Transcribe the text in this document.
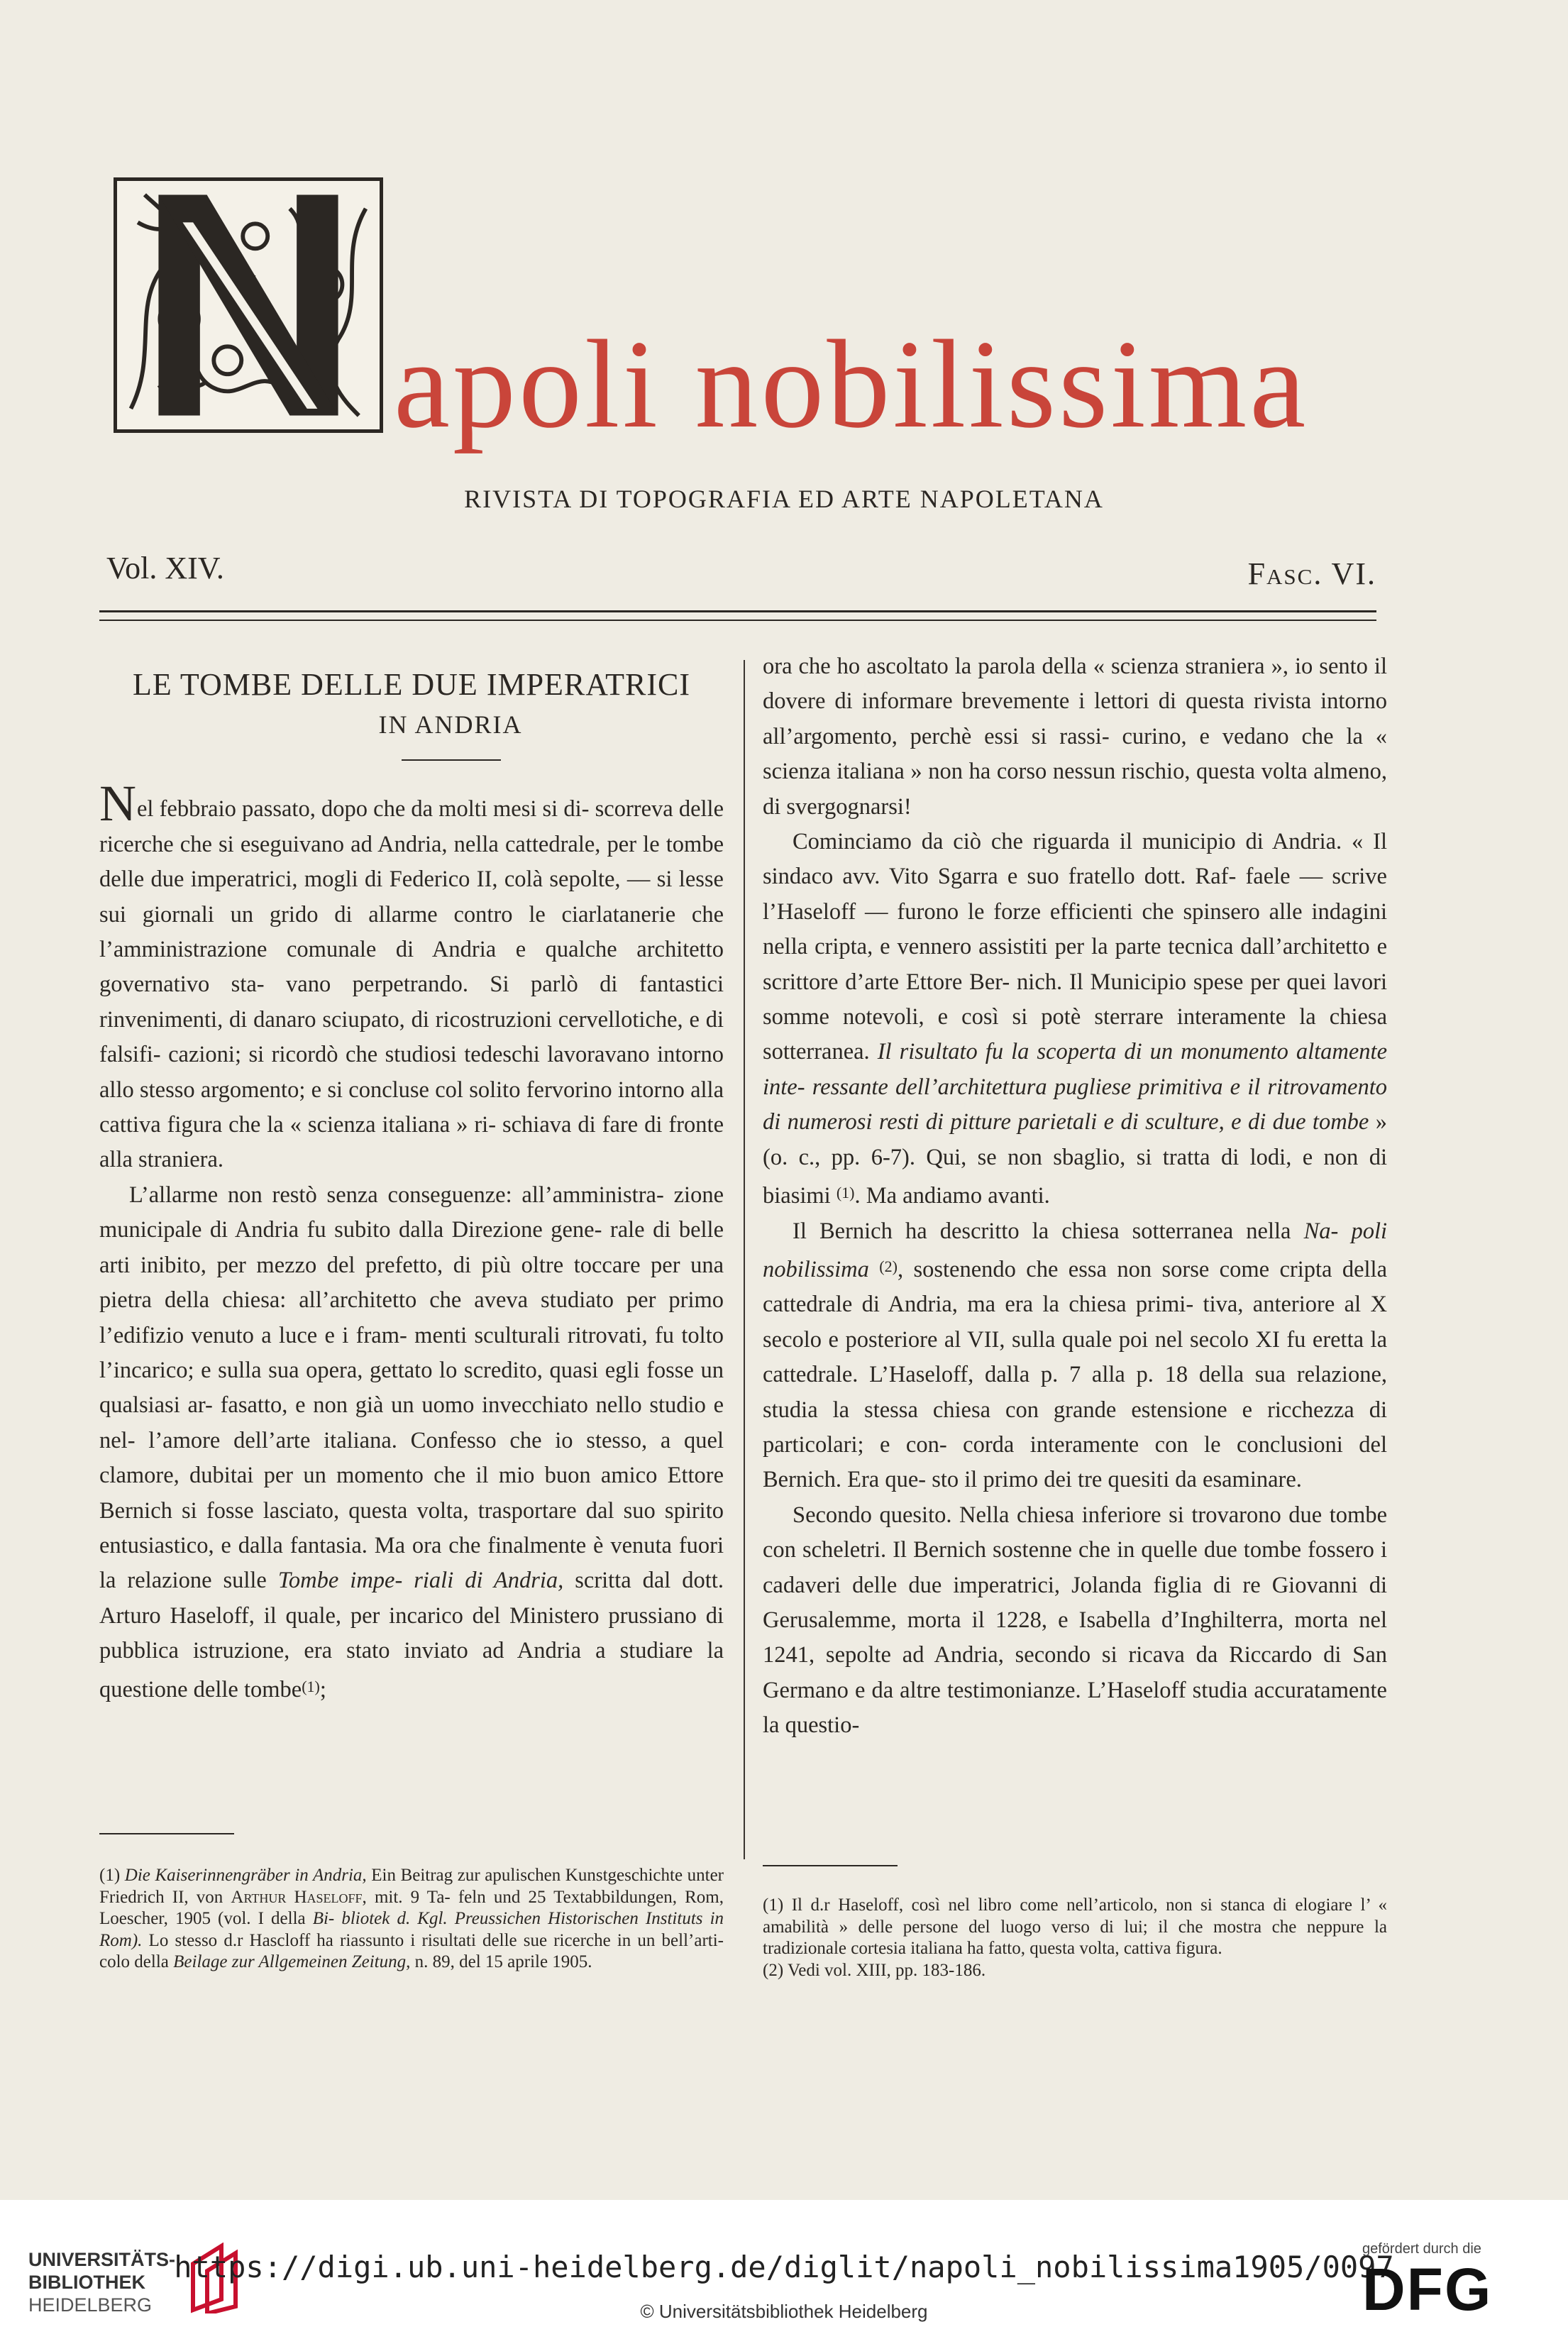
apoli nobilissima
RIVISTA DI TOPOGRAFIA ED ARTE NAPOLETANA
Vol. XIV.	Fasc. VI.
LE TOMBE DELLE DUE IMPERATRICI
IN ANDRIA

Nel febbraio passato, dopo che da molti mesi si di- scorreva delle ricerche che si eseguivano ad Andria, nella cattedrale, per le tombe delle due imperatrici, mogli di Federico II, colà sepolte, — si lesse sui giornali un grido di allarme contro le ciarlatanerie che l’amministrazione comunale di Andria e qualche architetto governativo sta- vano perpetrando. Si parlò di fantastici rinvenimenti, di danaro sciupato, di ricostruzioni cervellotiche, e di falsifi- cazioni; si ricordò che studiosi tedeschi lavoravano intorno allo stesso argomento; e si concluse col solito fervorino intorno alla cattiva figura che la « scienza italiana » ri- schiava di fare di fronte alla straniera.

L’allarme non restò senza conseguenze: all’amministra- zione municipale di Andria fu subito dalla Direzione gene- rale di belle arti inibito, per mezzo del prefetto, di più oltre toccare per una pietra della chiesa: all’architetto che aveva studiato per primo l’edifizio venuto a luce e i fram- menti sculturali ritrovati, fu tolto l’incarico; e sulla sua opera, gettato lo scredito, quasi egli fosse un qualsiasi ar- fasatto, e non già un uomo invecchiato nello studio e nel- l’amore dell’arte italiana. Confesso che io stesso, a quel clamore, dubitai per un momento che il mio buon amico Ettore Bernich si fosse lasciato, questa volta, trasportare dal suo spirito entusiastico, e dalla fantasia. Ma ora che finalmente è venuta fuori la relazione sulle Tombe impe- riali di Andria, scritta dal dott. Arturo Haseloff, il quale, per incarico del Ministero prussiano di pubblica istruzione, era stato inviato ad Andria a studiare la questione delle tombe$^{(1)}$;

ora che ho ascoltato la parola della « scienza straniera », io sento il dovere di informare brevemente i lettori di questa rivista intorno all’argomento, perchè essi si rassi- curino, e vedano che la « scienza italiana » non ha corso nessun rischio, questa volta almeno, di svergognarsi!

Cominciamo da ciò che riguarda il municipio di Andria. « Il sindaco avv. Vito Sgarra e suo fratello dott. Raf- faele — scrive l’Haseloff — furono le forze efficienti che spinsero alle indagini nella cripta, e vennero assistiti per la parte tecnica dall’architetto e scrittore d’arte Ettore Ber- nich. Il Municipio spese per quei lavori somme notevoli, e così si potè sterrare interamente la chiesa sotterranea. Il risultato fu la scoperta di un monumento altamente inte- ressante dell’architettura pugliese primitiva e il ritrovamento di numerosi resti di pitture parietali e di sculture, e di due tombe » (o. c., pp. 6-7). Qui, se non sbaglio, si tratta di lodi, e non di biasimi $^{(1)}$. Ma andiamo avanti.

Il Bernich ha descritto la chiesa sotterranea nella Na- poli nobilissima $^{(2)}$, sostenendo che essa non sorse come cripta della cattedrale di Andria, ma era la chiesa primi- tiva, anteriore al X secolo e posteriore al VII, sulla quale poi nel secolo XI fu eretta la cattedrale. L’Haseloff, dalla p. 7 alla p. 18 della sua relazione, studia la stessa chiesa con grande estensione e ricchezza di particolari; e con- corda interamente con le conclusioni del Bernich. Era que- sto il primo dei tre quesiti da esaminare.

Secondo quesito. Nella chiesa inferiore si trovarono due tombe con scheletri. Il Bernich sostenne che in quelle due tombe fossero i cadaveri delle due imperatrici, Jolanda figlia di re Giovanni di Gerusalemme, morta il 1228, e Isabella d’Inghilterra, morta nel 1241, sepolte ad Andria, secondo si ricava da Riccardo di San Germano e da altre testimonianze. L’Haseloff studia accuratamente la questio-

(1) Die Kaiserinnengräber in Andria, Ein Beitrag zur apulischen Kunstgeschichte unter Friedrich II, von Arthur Haseloff, mit. 9 Ta- feln und 25 Textabbildungen, Rom, Loescher, 1905 (vol. I della Bi- bliotek d. Kgl. Preussichen Historischen Instituts in Rom). Lo stesso d.r Hascloff ha riassunto i risultati delle sue ricerche in un bell’arti- colo della Beilage zur Allgemeinen Zeitung, n. 89, del 15 aprile 1905.

(1) Il d.r Haseloff, così nel libro come nell’articolo, non si stanca di elogiare l’ « amabilità » delle persone del luogo verso di lui; il che mostra che neppure la tradizionale cortesia italiana ha fatto, questa volta, cattiva figura.

(2) Vedi vol. XIII, pp. 183-186.

UNIVERSITÄTS-
BIBLIOTHEK
HEIDELBERG
https://digi.ub.uni-heidelberg.de/diglit/napoli_nobilissima1905/0097
© Universitätsbibliothek Heidelberg
gefördert durch die
DFG
